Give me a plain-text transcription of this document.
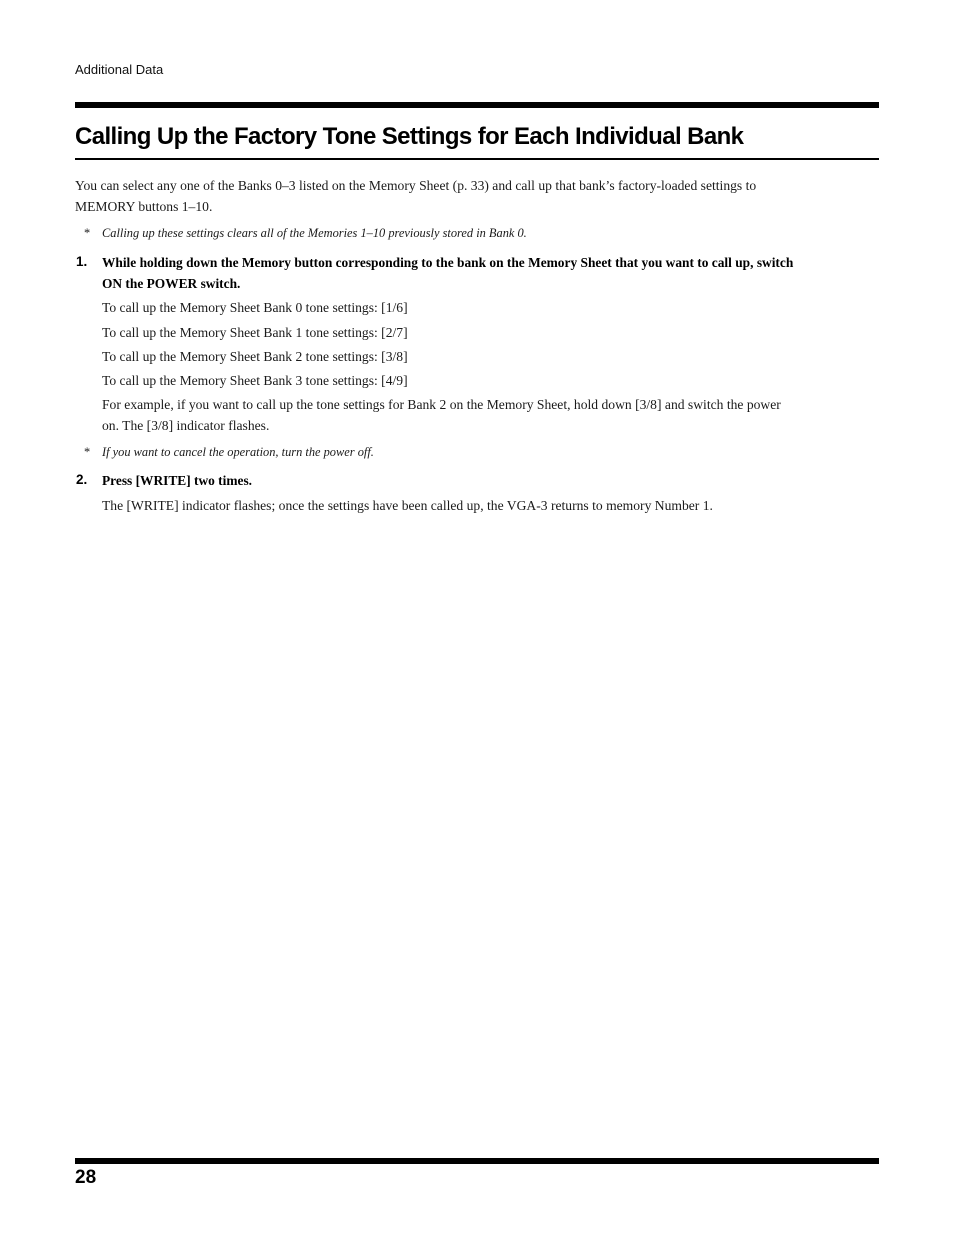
Additional Data
Calling Up the Factory Tone Settings for Each Individual Bank

You can select any one of the Banks 0–3 listed on the Memory Sheet (p. 33) and call up that bank’s factory-loaded settings to
MEMORY buttons 1–10.

* Calling up these settings clears all of the Memories 1–10 previously stored in Bank 0.
1. While holding down the Memory button corresponding to the bank on the Memory Sheet that you want to call up, switch
ON the POWER switch.

To call up the Memory Sheet Bank 0 tone settings: [1/6]

To call up the Memory Sheet Bank 1 tone settings: [2/7]

To call up the Memory Sheet Bank 2 tone settings: [3/8]

To call up the Memory Sheet Bank 3 tone settings: [4/9]

For example, if you want to call up the tone settings for Bank 2 on the Memory Sheet, hold down [3/8] and switch the power
on. The [3/8] indicator flashes.

* If you want to cancel the operation, turn the power off.
2. Press [WRITE] two times.

The [WRITE] indicator flashes; once the settings have been called up, the VGA-3 returns to memory Number 1.

28
